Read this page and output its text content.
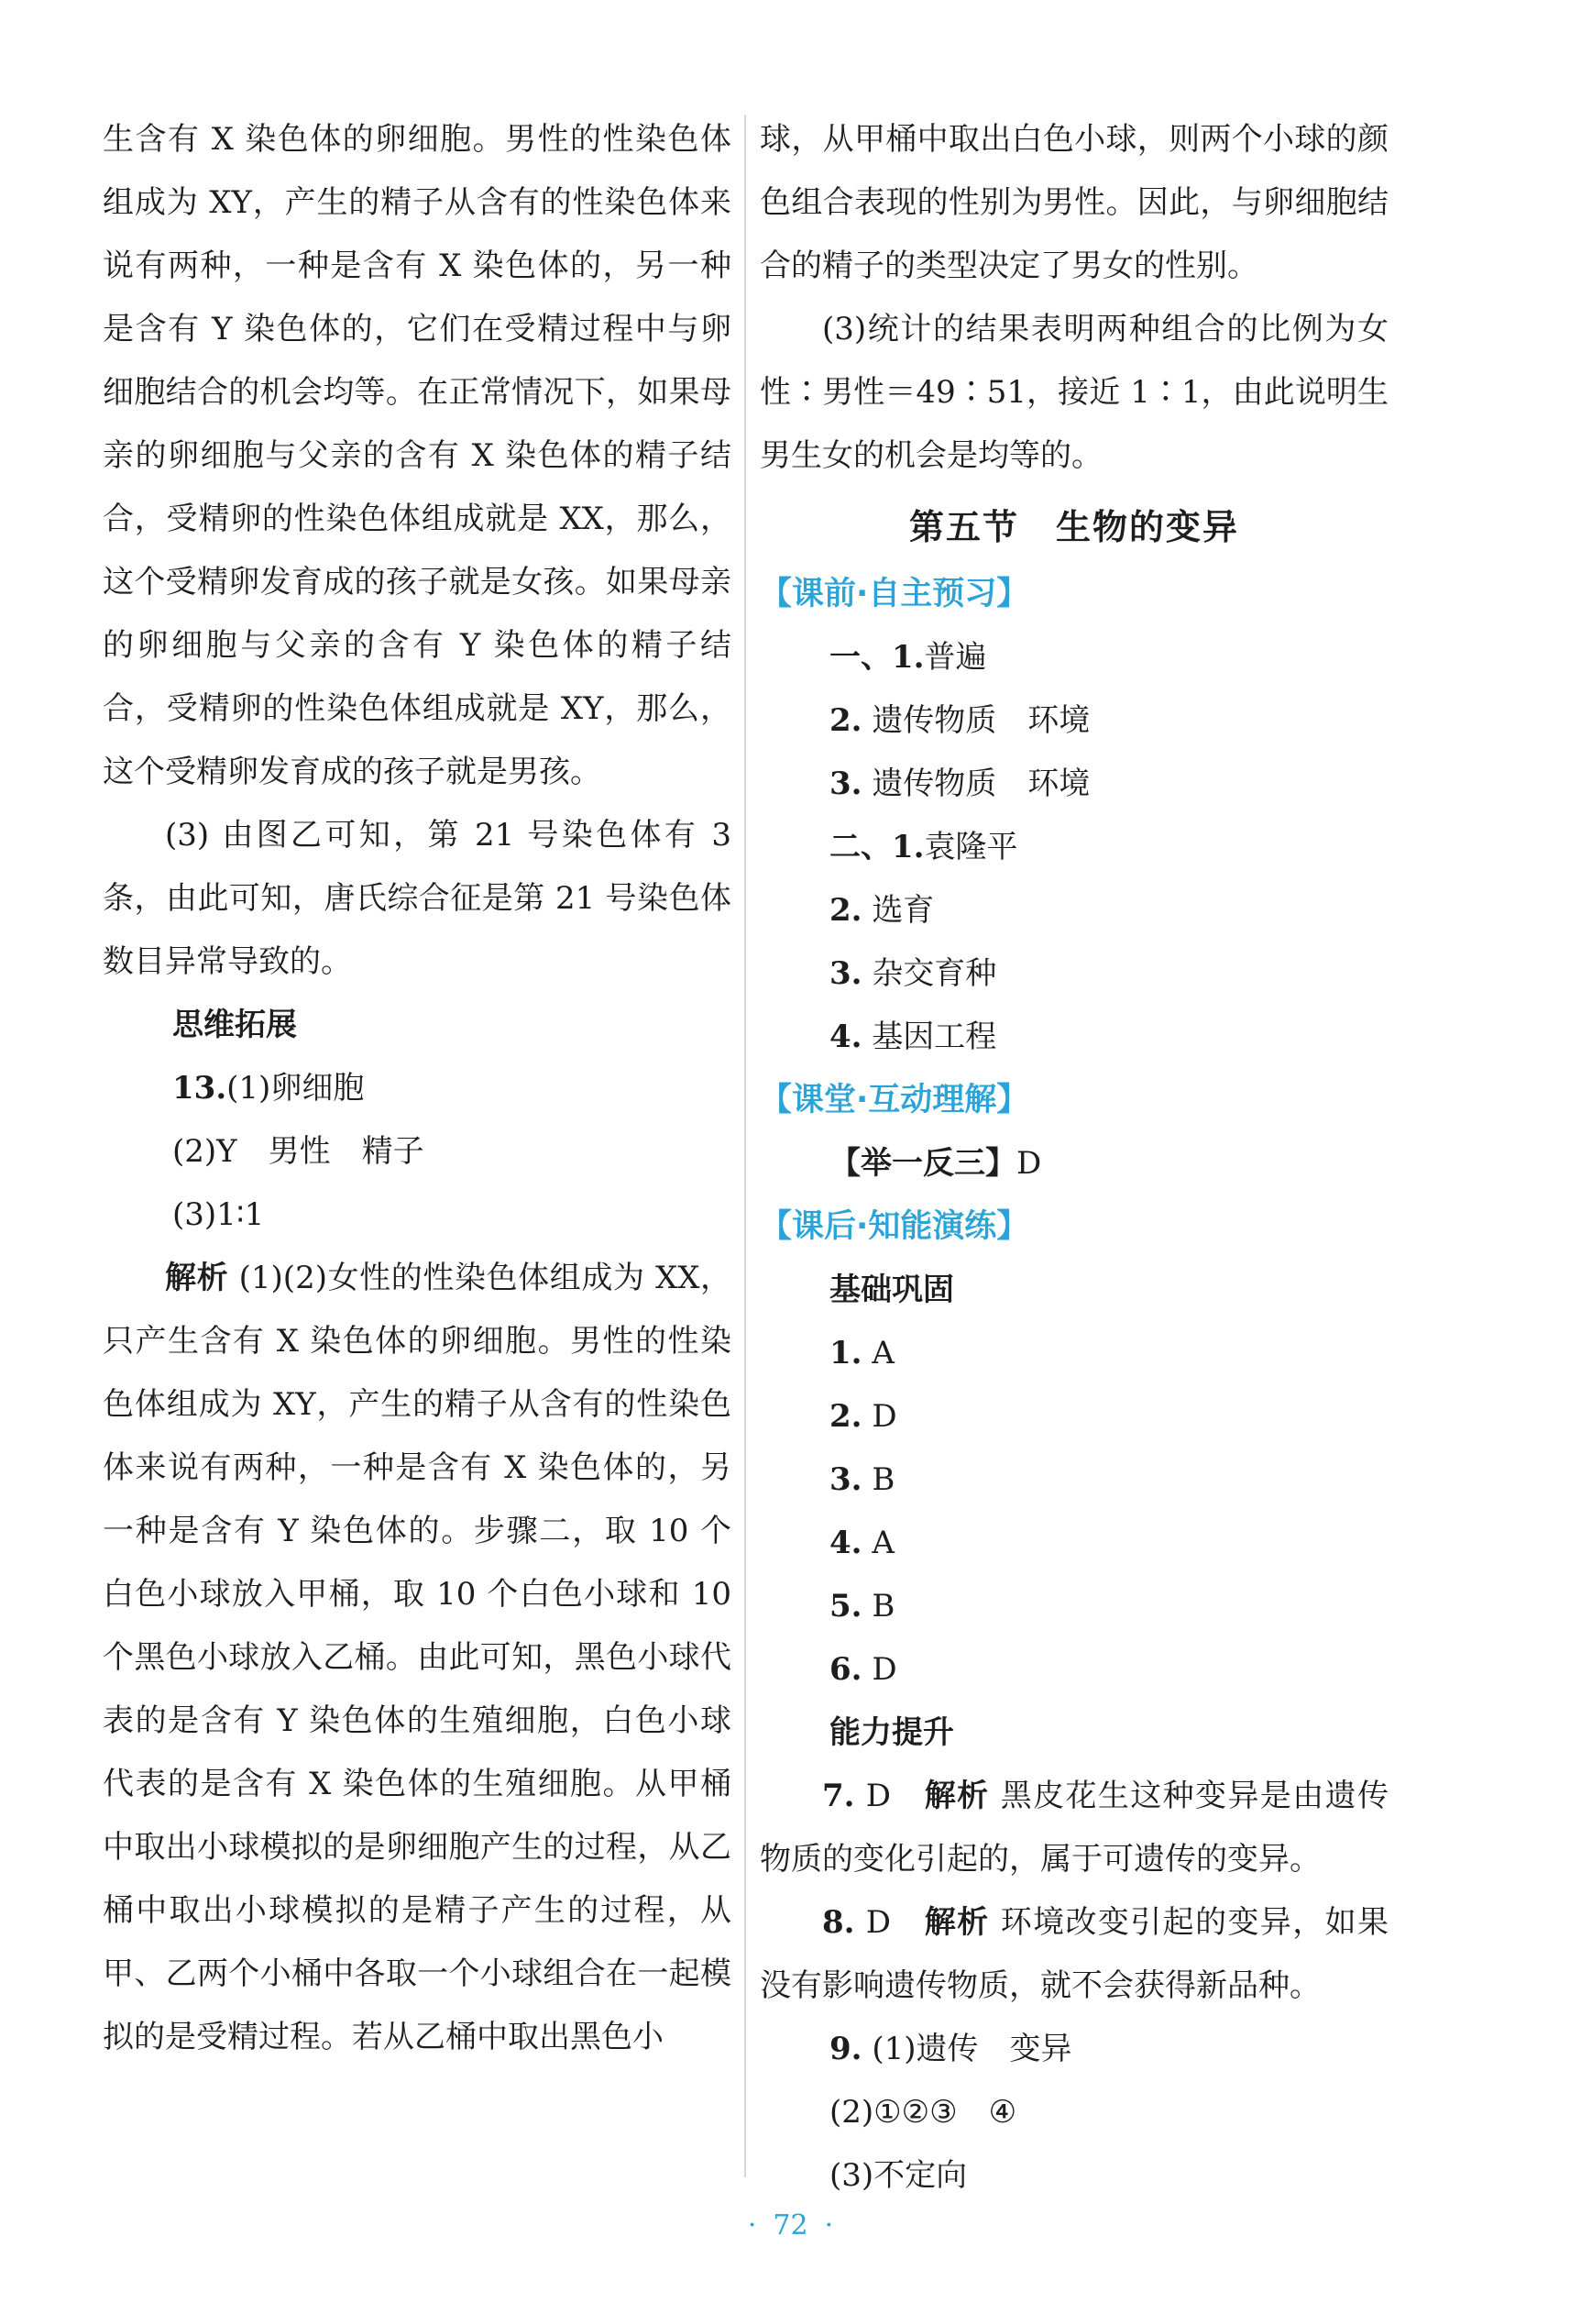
生含有 X 染色体的卵细胞。男性的性染色体组成为 XY，产生的精子从含有的性染色体来说有两种，一种是含有 X 染色体的，另一种是含有 Y 染色体的，它们在受精过程中与卵细胞结合的机会均等。在正常情况下，如果母亲的卵细胞与父亲的含有 X 染色体的精子结合，受精卵的性染色体组成就是 XX，那么，这个受精卵发育成的孩子就是女孩。如果母亲的卵细胞与父亲的含有 Y 染色体的精子结合，受精卵的性染色体组成就是 XY，那么，这个受精卵发育成的孩子就是男孩。

(3) 由图乙可知，第 21 号染色体有 3 条，由此可知，唐氏综合征是第 21 号染色体数目异常导致的。

思维拓展

13.(1)卵细胞

(2)Y　男性　精子

(3)1∶1

解析 (1)(2)女性的性染色体组成为 XX，只产生含有 X 染色体的卵细胞。男性的性染色体组成为 XY，产生的精子从含有的性染色体来说有两种，一种是含有 X 染色体的，另一种是含有 Y 染色体的。步骤二，取 10 个白色小球放入甲桶，取 10 个白色小球和 10 个黑色小球放入乙桶。由此可知，黑色小球代表的是含有 Y 染色体的生殖细胞，白色小球代表的是含有 X 染色体的生殖细胞。从甲桶中取出小球模拟的是卵细胞产生的过程，从乙桶中取出小球模拟的是精子产生的过程，从甲、乙两个小桶中各取一个小球组合在一起模拟的是受精过程。若从乙桶中取出黑色小

球，从甲桶中取出白色小球，则两个小球的颜色组合表现的性别为男性。因此，与卵细胞结合的精子的类型决定了男女的性别。

(3)统计的结果表明两种组合的比例为女性∶男性＝49∶51，接近 1∶1，由此说明生男生女的机会是均等的。

第五节　生物的变异
【课前·自主预习】

一、1.普遍

2. 遗传物质　环境

3. 遗传物质　环境

二、1.袁隆平

2. 选育

3. 杂交育种

4. 基因工程

【课堂·互动理解】

【举一反三】D

【课后·知能演练】

基础巩固

1. A

2. D

3. B

4. A

5. B

6. D

能力提升

7. D　 解析 黑皮花生这种变异是由遗传物质的变化引起的，属于可遗传的变异。

8. D　 解析 环境改变引起的变异，如果没有影响遗传物质，就不会获得新品种。

9. (1)遗传　变异

(2)①②③　④

(3)不定向

· 72 ·
